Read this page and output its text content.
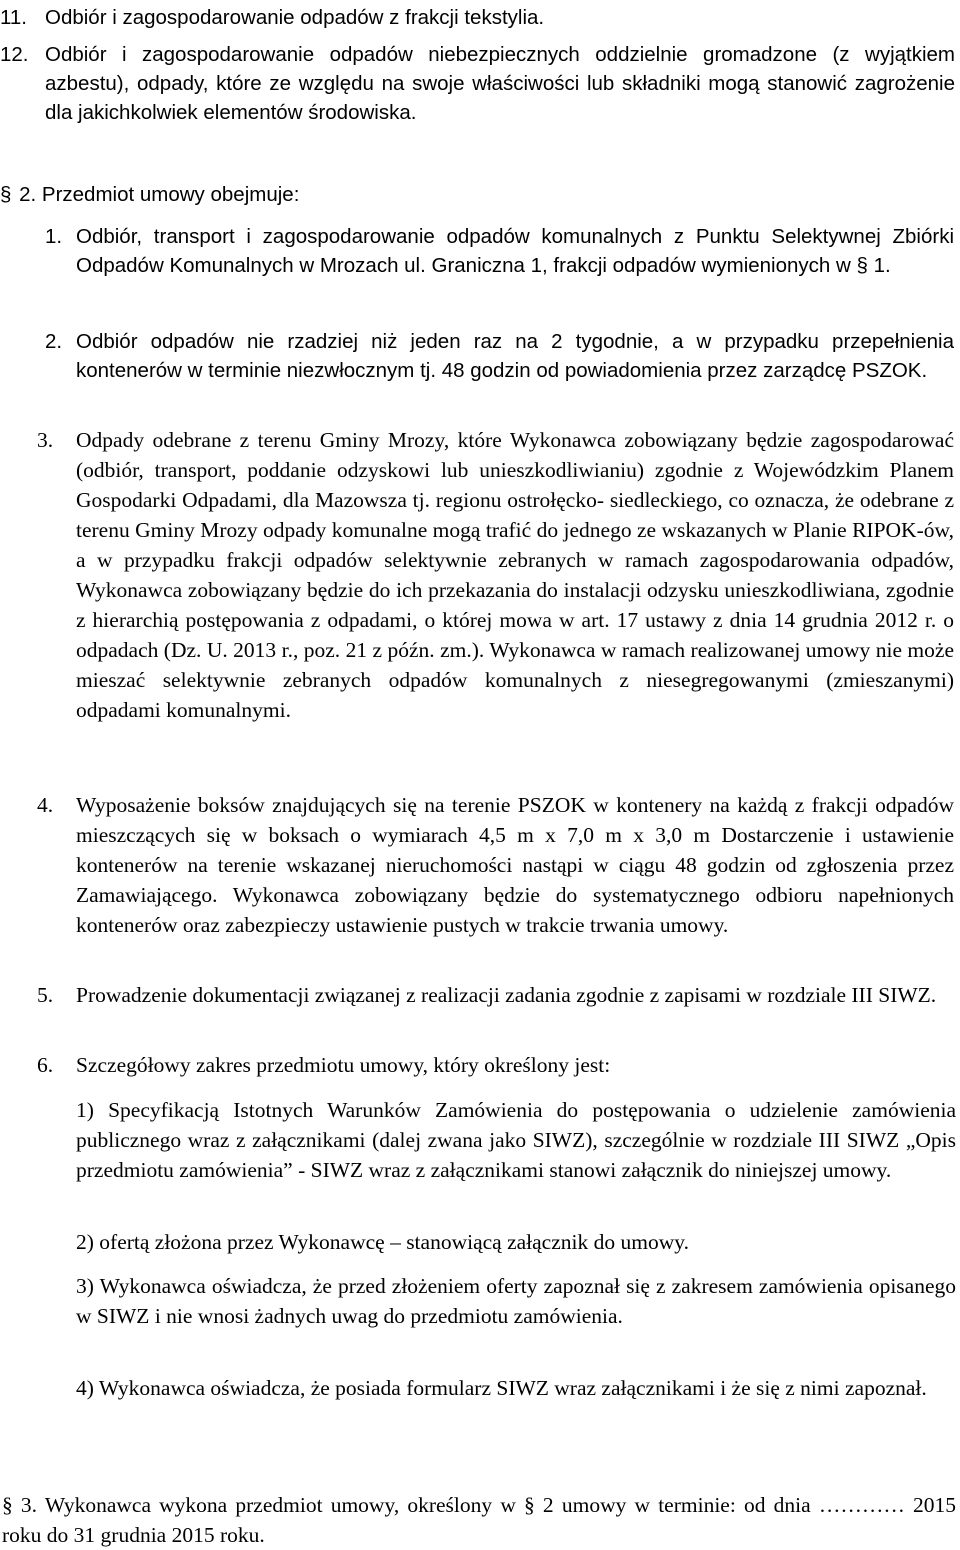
11. Odbiór i zagospodarowanie odpadów z frakcji tekstylia.

12. Odbiór i zagospodarowanie odpadów niebezpiecznych oddzielnie gromadzone (z wyjątkiem azbestu), odpady, które ze względu na swoje właściwości lub składniki mogą stanowić zagrożenie dla jakichkolwiek elementów środowiska.

§ 2. Przedmiot umowy obejmuje:
1. Odbiór, transport i zagospodarowanie odpadów komunalnych z Punktu Selektywnej Zbiórki Odpadów Komunalnych w Mrozach ul. Graniczna 1, frakcji odpadów wymienionych w § 1.

2. Odbiór odpadów nie rzadziej niż jeden raz na 2 tygodnie, a w przypadku przepełnienia kontenerów w terminie niezwłocznym tj. 48 godzin od powiadomienia przez zarządcę PSZOK.

3. Odpady odebrane z terenu Gminy Mrozy, które Wykonawca zobowiązany będzie zagospodarować (odbiór, transport, poddanie odzyskowi lub unieszkodliwianiu) zgodnie z Wojewódzkim Planem Gospodarki Odpadami, dla Mazowsza tj. regionu ostrołęcko- siedleckiego, co oznacza, że odebrane z terenu Gminy Mrozy odpady komunalne mogą trafić do jednego ze wskazanych w Planie RIPOK-ów, a w przypadku frakcji odpadów selektywnie zebranych w ramach zagospodarowania odpadów, Wykonawca zobowiązany będzie do ich przekazania do instalacji odzysku unieszkodliwiana, zgodnie z hierarchią postępowania z odpadami, o której mowa w art. 17 ustawy z dnia 14 grudnia 2012 r. o odpadach (Dz. U. 2013 r., poz. 21 z późn. zm.). Wykonawca w ramach realizowanej umowy nie może mieszać selektywnie zebranych odpadów komunalnych z niesegregowanymi (zmieszanymi) odpadami komunalnymi.

4. Wyposażenie boksów znajdujących się na terenie PSZOK w kontenery na każdą z frakcji odpadów mieszczących się w boksach o wymiarach 4,5 m x 7,0 m x 3,0 m Dostarczenie i ustawienie kontenerów na terenie wskazanej nieruchomości nastąpi w ciągu 48 godzin od zgłoszenia przez Zamawiającego. Wykonawca zobowiązany będzie do systematycznego odbioru napełnionych kontenerów oraz zabezpieczy ustawienie pustych w trakcie trwania umowy.

5. Prowadzenie dokumentacji związanej z realizacji zadania zgodnie z zapisami w rozdziale III SIWZ.

6. Szczegółowy zakres przedmiotu umowy, który określony jest:

1) Specyfikacją Istotnych Warunków Zamówienia do postępowania o udzielenie zamówienia publicznego wraz z załącznikami (dalej zwana jako SIWZ), szczególnie w rozdziale III SIWZ „Opis przedmiotu zamówienia” - SIWZ wraz z załącznikami stanowi załącznik do niniejszej umowy.

2) ofertą złożona przez Wykonawcę – stanowiącą załącznik do umowy.

3) Wykonawca oświadcza, że przed złożeniem oferty zapoznał się z zakresem zamówienia opisanego w SIWZ i nie wnosi żadnych uwag do przedmiotu zamówienia.

4) Wykonawca oświadcza, że posiada formularz SIWZ wraz załącznikami i że się z nimi zapoznał.

§ 3. Wykonawca wykona przedmiot umowy, określony w § 2 umowy w terminie: od dnia ………… 2015 roku do 31 grudnia 2015 roku.
